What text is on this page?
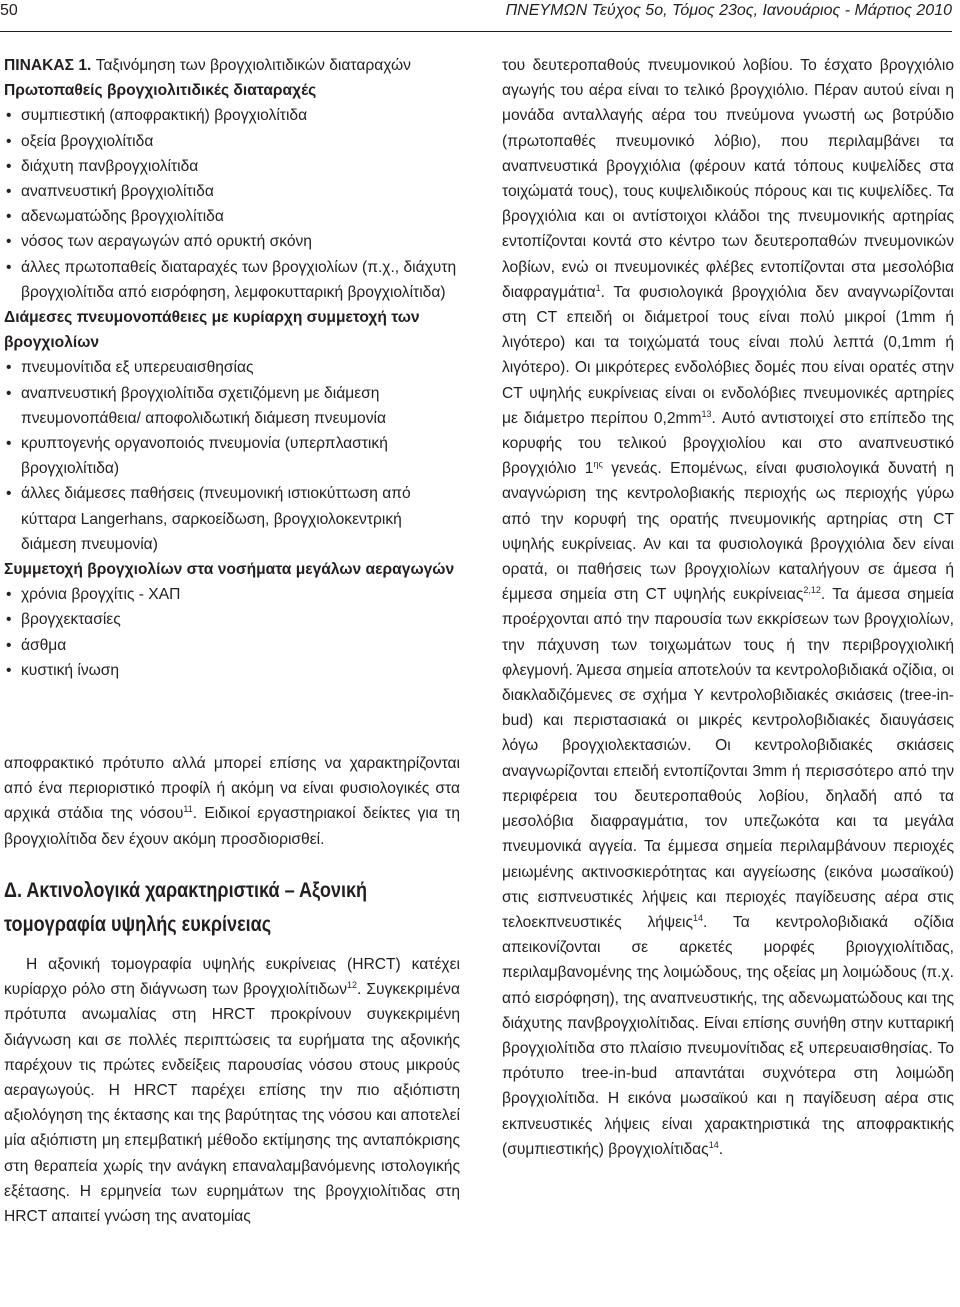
50	ΠΝΕΥΜΩΝ Τεύχος 5ο, Τόμος 23ος, Ιανουάριος - Μάρτιος 2010
ΠΙΝΑΚΑΣ 1. Ταξινόμηση των βρογχιολιτιδικών διαταραχών
Πρωτοπαθείς βρογχιολιτιδικές διαταραχές
• συμπιεστική (αποφρακτική) βρογχιολίτιδα
• οξεία βρογχιολίτιδα
• διάχυτη πανβρογχιολίτιδα
• αναπνευστική βρογχιολίτιδα
• αδενωματώδης βρογχιολίτιδα
• νόσος των αεραγωγών από ορυκτή σκόνη
• άλλες πρωτοπαθείς διαταραχές των βρογχιολίων (π.χ., διάχυτη βρογχιολίτιδα από εισρόφηση, λεμφοκυτταρική βρογχιολίτιδα)
Διάμεσες πνευμονοπάθειες με κυρίαρχη συμμετοχή των βρογχιολίων
• πνευμονίτιδα εξ υπερευαισθησίας
• αναπνευστική βρογχιολίτιδα σχετιζόμενη με διάμεση πνευμονοπάθεια/ αποφολιδωτική διάμεση πνευμονία
• κρυπτογενής οργανοποιός πνευμονία (υπερπλαστική βρογχιολίτιδα)
• άλλες διάμεσες παθήσεις (πνευμονική ιστιοκύττωση από κύτταρα Langerhans, σαρκοείδωση, βρογχιολοκεντρική διάμεση πνευμονία)
Συμμετοχή βρογχιολίων στα νοσήματα μεγάλων αεραγωγών
• χρόνια βρογχίτις - ΧΑΠ
• βρογχεκτασίες
• άσθμα
• κυστική ίνωση

αποφρακτικό πρότυπο αλλά μπορεί επίσης να χαρακτηρίζονται από ένα περιοριστικό προφίλ ή ακόμη να είναι φυσιολογικές στα αρχικά στάδια της νόσου$^{11}$. Ειδικοί εργαστηριακοί δείκτες για τη βρογχιολίτιδα δεν έχουν ακόμη προσδιορισθεί.

Δ. Ακτινολογικά χαρακτηριστικά – Αξονική τομογραφία υψηλής ευκρίνειας

Η αξονική τομογραφία υψηλής ευκρίνειας (HRCT) κατέχει κυρίαρχο ρόλο στη διάγνωση των βρογχιολίτιδων$^{12}$. Συγκεκριμένα πρότυπα ανωμαλίας στη HRCT προκρίνουν συγκεκριμένη διάγνωση και σε πολλές περιπτώσεις τα ευρήματα της αξονικής παρέχουν τις πρώτες ενδείξεις παρουσίας νόσου στους μικρούς αεραγωγούς. Η HRCT παρέχει επίσης την πιο αξιόπιστη αξιολόγηση της έκτασης και της βαρύτητας της νόσου και αποτελεί μία αξιόπιστη μη επεμβατική μέθοδο εκτίμησης της ανταπόκρισης στη θεραπεία χωρίς την ανάγκη επαναλαμβανόμενης ιστολογικής εξέτασης. Η ερμηνεία των ευρημάτων της βρογχιολίτιδας στη HRCT απαιτεί γνώση της ανατομίας

του δευτεροπαθούς πνευμονικού λοβίου. Το έσχατο βρογχιόλιο αγωγής του αέρα είναι το τελικό βρογχιόλιο. Πέραν αυτού είναι η μονάδα ανταλλαγής αέρα του πνεύμονα γνωστή ως βοτρύδιο (πρωτοπαθές πνευμονικό λόβιο), που περιλαμβάνει τα αναπνευστικά βρογχιόλια (φέρουν κατά τόπους κυψελίδες στα τοιχώματά τους), τους κυψελιδικούς πόρους και τις κυψελίδες. Τα βρογχιόλια και οι αντίστοιχοι κλάδοι της πνευμονικής αρτηρίας εντοπίζονται κοντά στο κέντρο των δευτεροπαθών πνευμονικών λοβίων, ενώ οι πνευμονικές φλέβες εντοπίζονται στα μεσολόβια διαφραγμάτια$^1$. Τα φυσιολογικά βρογχιόλια δεν αναγνωρίζονται στη CT επειδή οι διάμετροί τους είναι πολύ μικροί (1mm ή λιγότερο) και τα τοιχώματά τους είναι πολύ λεπτά (0,1mm ή λιγότερο). Οι μικρότερες ενδολόβιες δομές που είναι ορατές στην CT υψηλής ευκρίνειας είναι οι ενδολόβιες πνευμονικές αρτηρίες με διάμετρο περίπου $0,2mm^{13}$. Αυτό αντιστοιχεί στο επίπεδο της κορυφής του τελικού βρογχιολίου και στο αναπνευστικό βρογχιόλιο $1^{\eta\varsigma}$ γενεάς. Επομένως, είναι φυσιολογικά δυνατή η αναγνώριση της κεντρολοβιακής περιοχής ως περιοχής γύρω από την κορυφή της ορατής πνευμονικής αρτηρίας στη CT υψηλής ευκρίνειας. Αν και τα φυσιολογικά βρογχιόλια δεν είναι ορατά, οι παθήσεις των βρογχιολίων καταλήγουν σε άμεσα ή έμμεσα σημεία στη CT υψηλής ευκρίνειας$^{2,12}$. Τα άμεσα σημεία προέρχονται από την παρουσία των εκκρίσεων των βρογχιολίων, την πάχυνση των τοιχωμάτων τους ή την περιβρογχιολική φλεγμονή. Άμεσα σημεία αποτελούν τα κεντρολοβιδιακά οζίδια, οι διακλαδιζόμενες σε σχήμα Υ κεντρολοβιδιακές σκιάσεις (tree-in-bud) και περιστασιακά οι μικρές κεντρολοβιδιακές διαυγάσεις λόγω βρογχιολεκτασιών. Οι κεντρολοβιδιακές σκιάσεις αναγνωρίζονται επειδή εντοπίζονται 3mm ή περισσότερο από την περιφέρεια του δευτεροπαθούς λοβίου, δηλαδή από τα μεσολόβια διαφραγμάτια, τον υπεζωκότα και τα μεγάλα πνευμονικά αγγεία. Τα έμμεσα σημεία περιλαμβάνουν περιοχές μειωμένης ακτινοσκιερότητας και αγγείωσης (εικόνα μωσαϊκού) στις εισπνευστικές λήψεις και περιοχές παγίδευσης αέρα στις τελοεκπνευστικές λήψεις$^{14}$. Τα κεντρολοβιδιακά οζίδια απεικονίζονται σε αρκετές μορφές βριογχιολίτιδας, περιλαμβανομένης της λοιμώδους, της οξείας μη λοιμώδους (π.χ. από εισρόφηση), της αναπνευστικής, της αδενωματώδους και της διάχυτης πανβρογχιολίτιδας. Είναι επίσης συνήθη στην κυτταρική βρογχιολίτιδα στο πλαίσιο πνευμονίτιδας εξ υπερευαισθησίας. Το πρότυπο tree-in-bud απαντάται συχνότερα στη λοιμώδη βρογχιολίτιδα. Η εικόνα μωσαϊκού και η παγίδευση αέρα στις εκπνευστικές λήψεις είναι χαρακτηριστικά της αποφρακτικής (συμπιεστικής) βρογχιολίτιδας$^{14}$.
